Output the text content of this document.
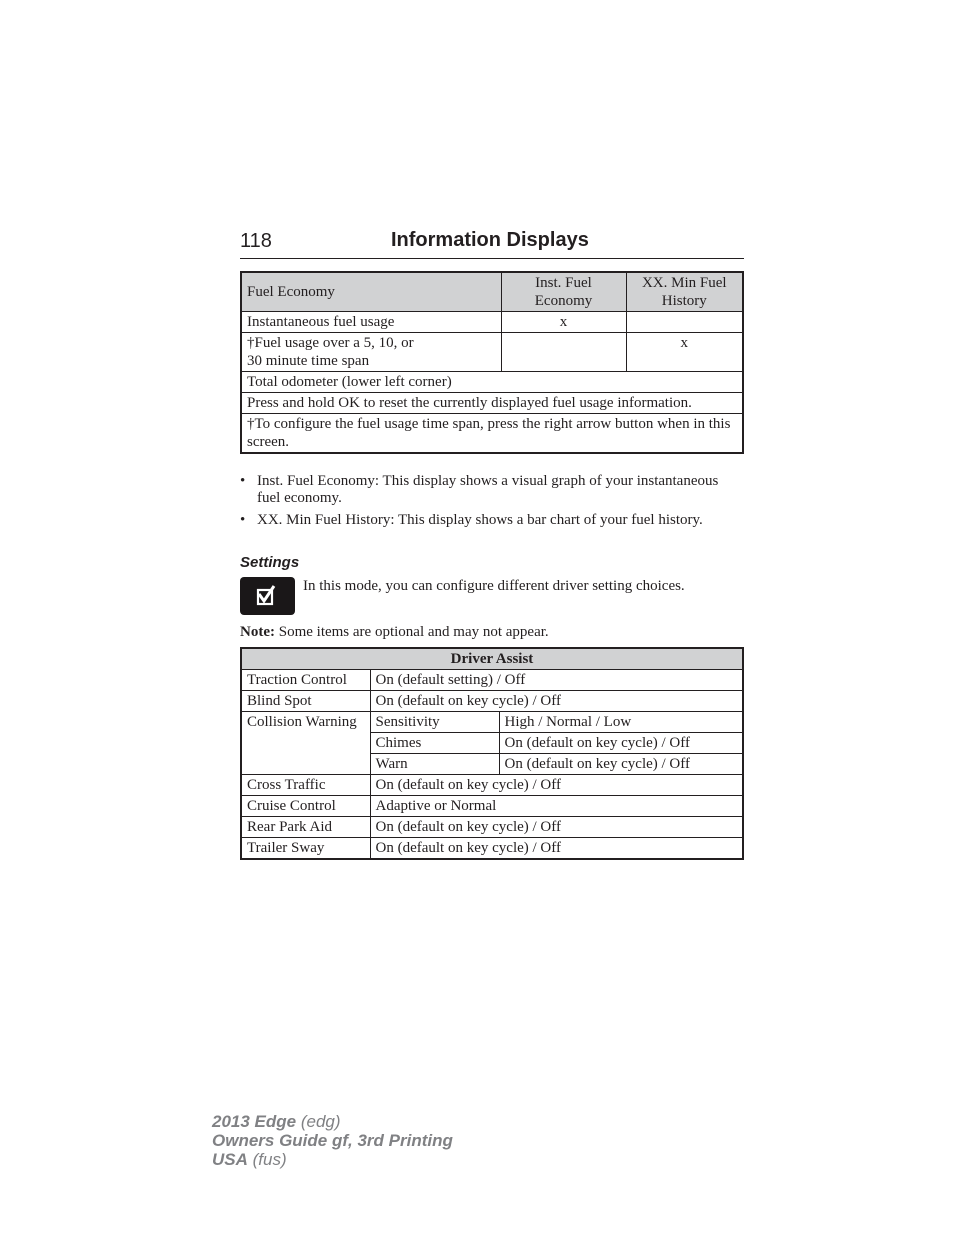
118	Information Displays
Fuel Economy	Inst. Fuel Economy	XX. Min Fuel History
Instantaneous fuel usage	x	

†Fuel usage over a 5, 10, or
30 minute time span		x
Total odometer (lower left corner)		
Press and hold OK to reset the currently displayed fuel usage information.		
†To configure the fuel usage time span, press the right arrow button when in this screen.		
• Inst. Fuel Economy: This display shows a visual graph of your instantaneous fuel economy.
• XX. Min Fuel History: This display shows a bar chart of your fuel history.
Settings
In this mode, you can configure different driver setting choices.
Note: Some items are optional and may not appear.
Driver Assist		
Traction Control	On (default setting) / Off	
Blind Spot	On (default on key cycle) / Off	
Collision Warning	Sensitivity	High / Normal / Low
	Chimes	On (default on key cycle) / Off
	Warn	On (default on key cycle) / Off
Cross Traffic	On (default on key cycle) / Off	
Cruise Control	Adaptive or Normal	
Rear Park Aid	On (default on key cycle) / Off	
Trailer Sway	On (default on key cycle) / Off	
2013 Edge (edg)
Owners Guide gf, 3rd Printing
USA (fus)
